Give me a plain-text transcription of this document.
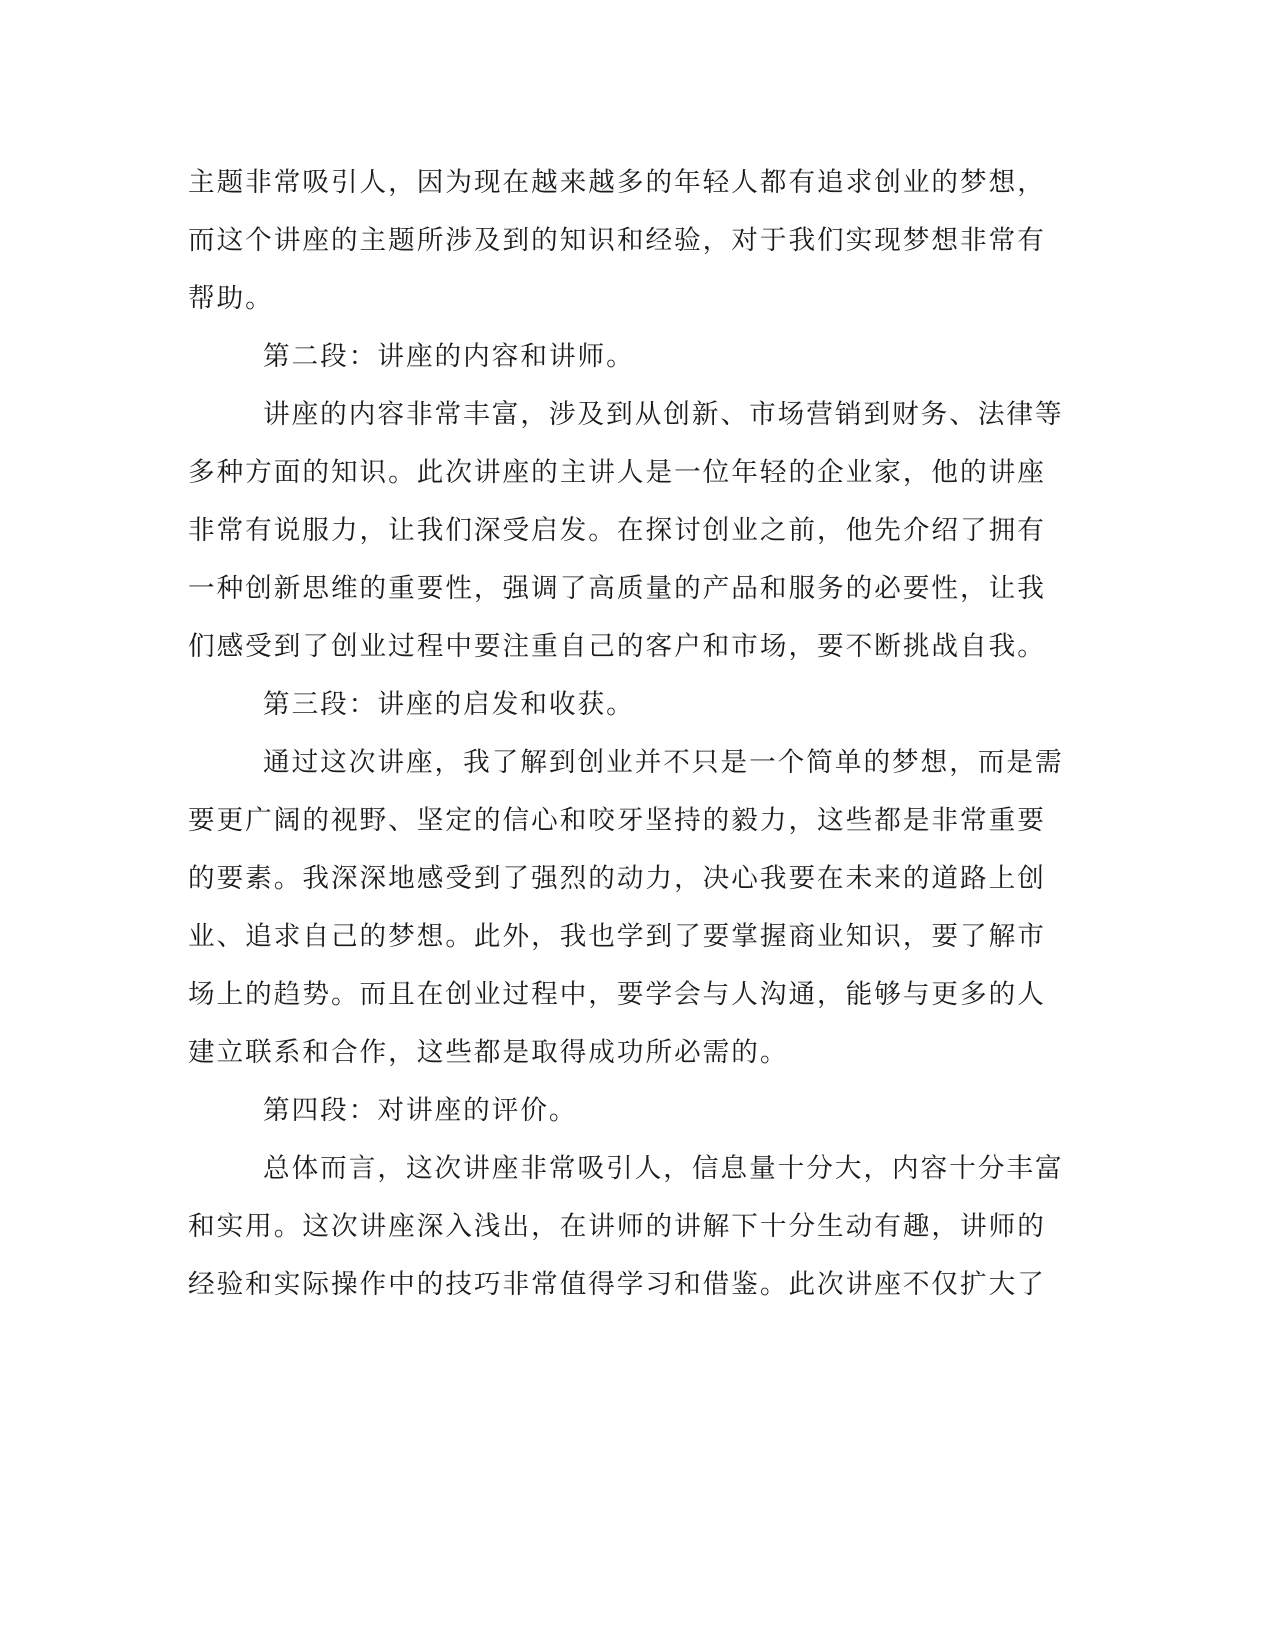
主题非常吸引人，因为现在越来越多的年轻人都有追求创业的梦想，
而这个讲座的主题所涉及到的知识和经验，对于我们实现梦想非常有
帮助。
第二段：讲座的内容和讲师。
讲座的内容非常丰富，涉及到从创新、市场营销到财务、法律等
多种方面的知识。此次讲座的主讲人是一位年轻的企业家，他的讲座
非常有说服力，让我们深受启发。在探讨创业之前，他先介绍了拥有
一种创新思维的重要性，强调了高质量的产品和服务的必要性，让我
们感受到了创业过程中要注重自己的客户和市场，要不断挑战自我。
第三段：讲座的启发和收获。
通过这次讲座，我了解到创业并不只是一个简单的梦想，而是需
要更广阔的视野、坚定的信心和咬牙坚持的毅力，这些都是非常重要
的要素。我深深地感受到了强烈的动力，决心我要在未来的道路上创
业、追求自己的梦想。此外，我也学到了要掌握商业知识，要了解市
场上的趋势。而且在创业过程中，要学会与人沟通，能够与更多的人
建立联系和合作，这些都是取得成功所必需的。
第四段：对讲座的评价。
总体而言，这次讲座非常吸引人，信息量十分大，内容十分丰富
和实用。这次讲座深入浅出，在讲师的讲解下十分生动有趣，讲师的
经验和实际操作中的技巧非常值得学习和借鉴。此次讲座不仅扩大了
